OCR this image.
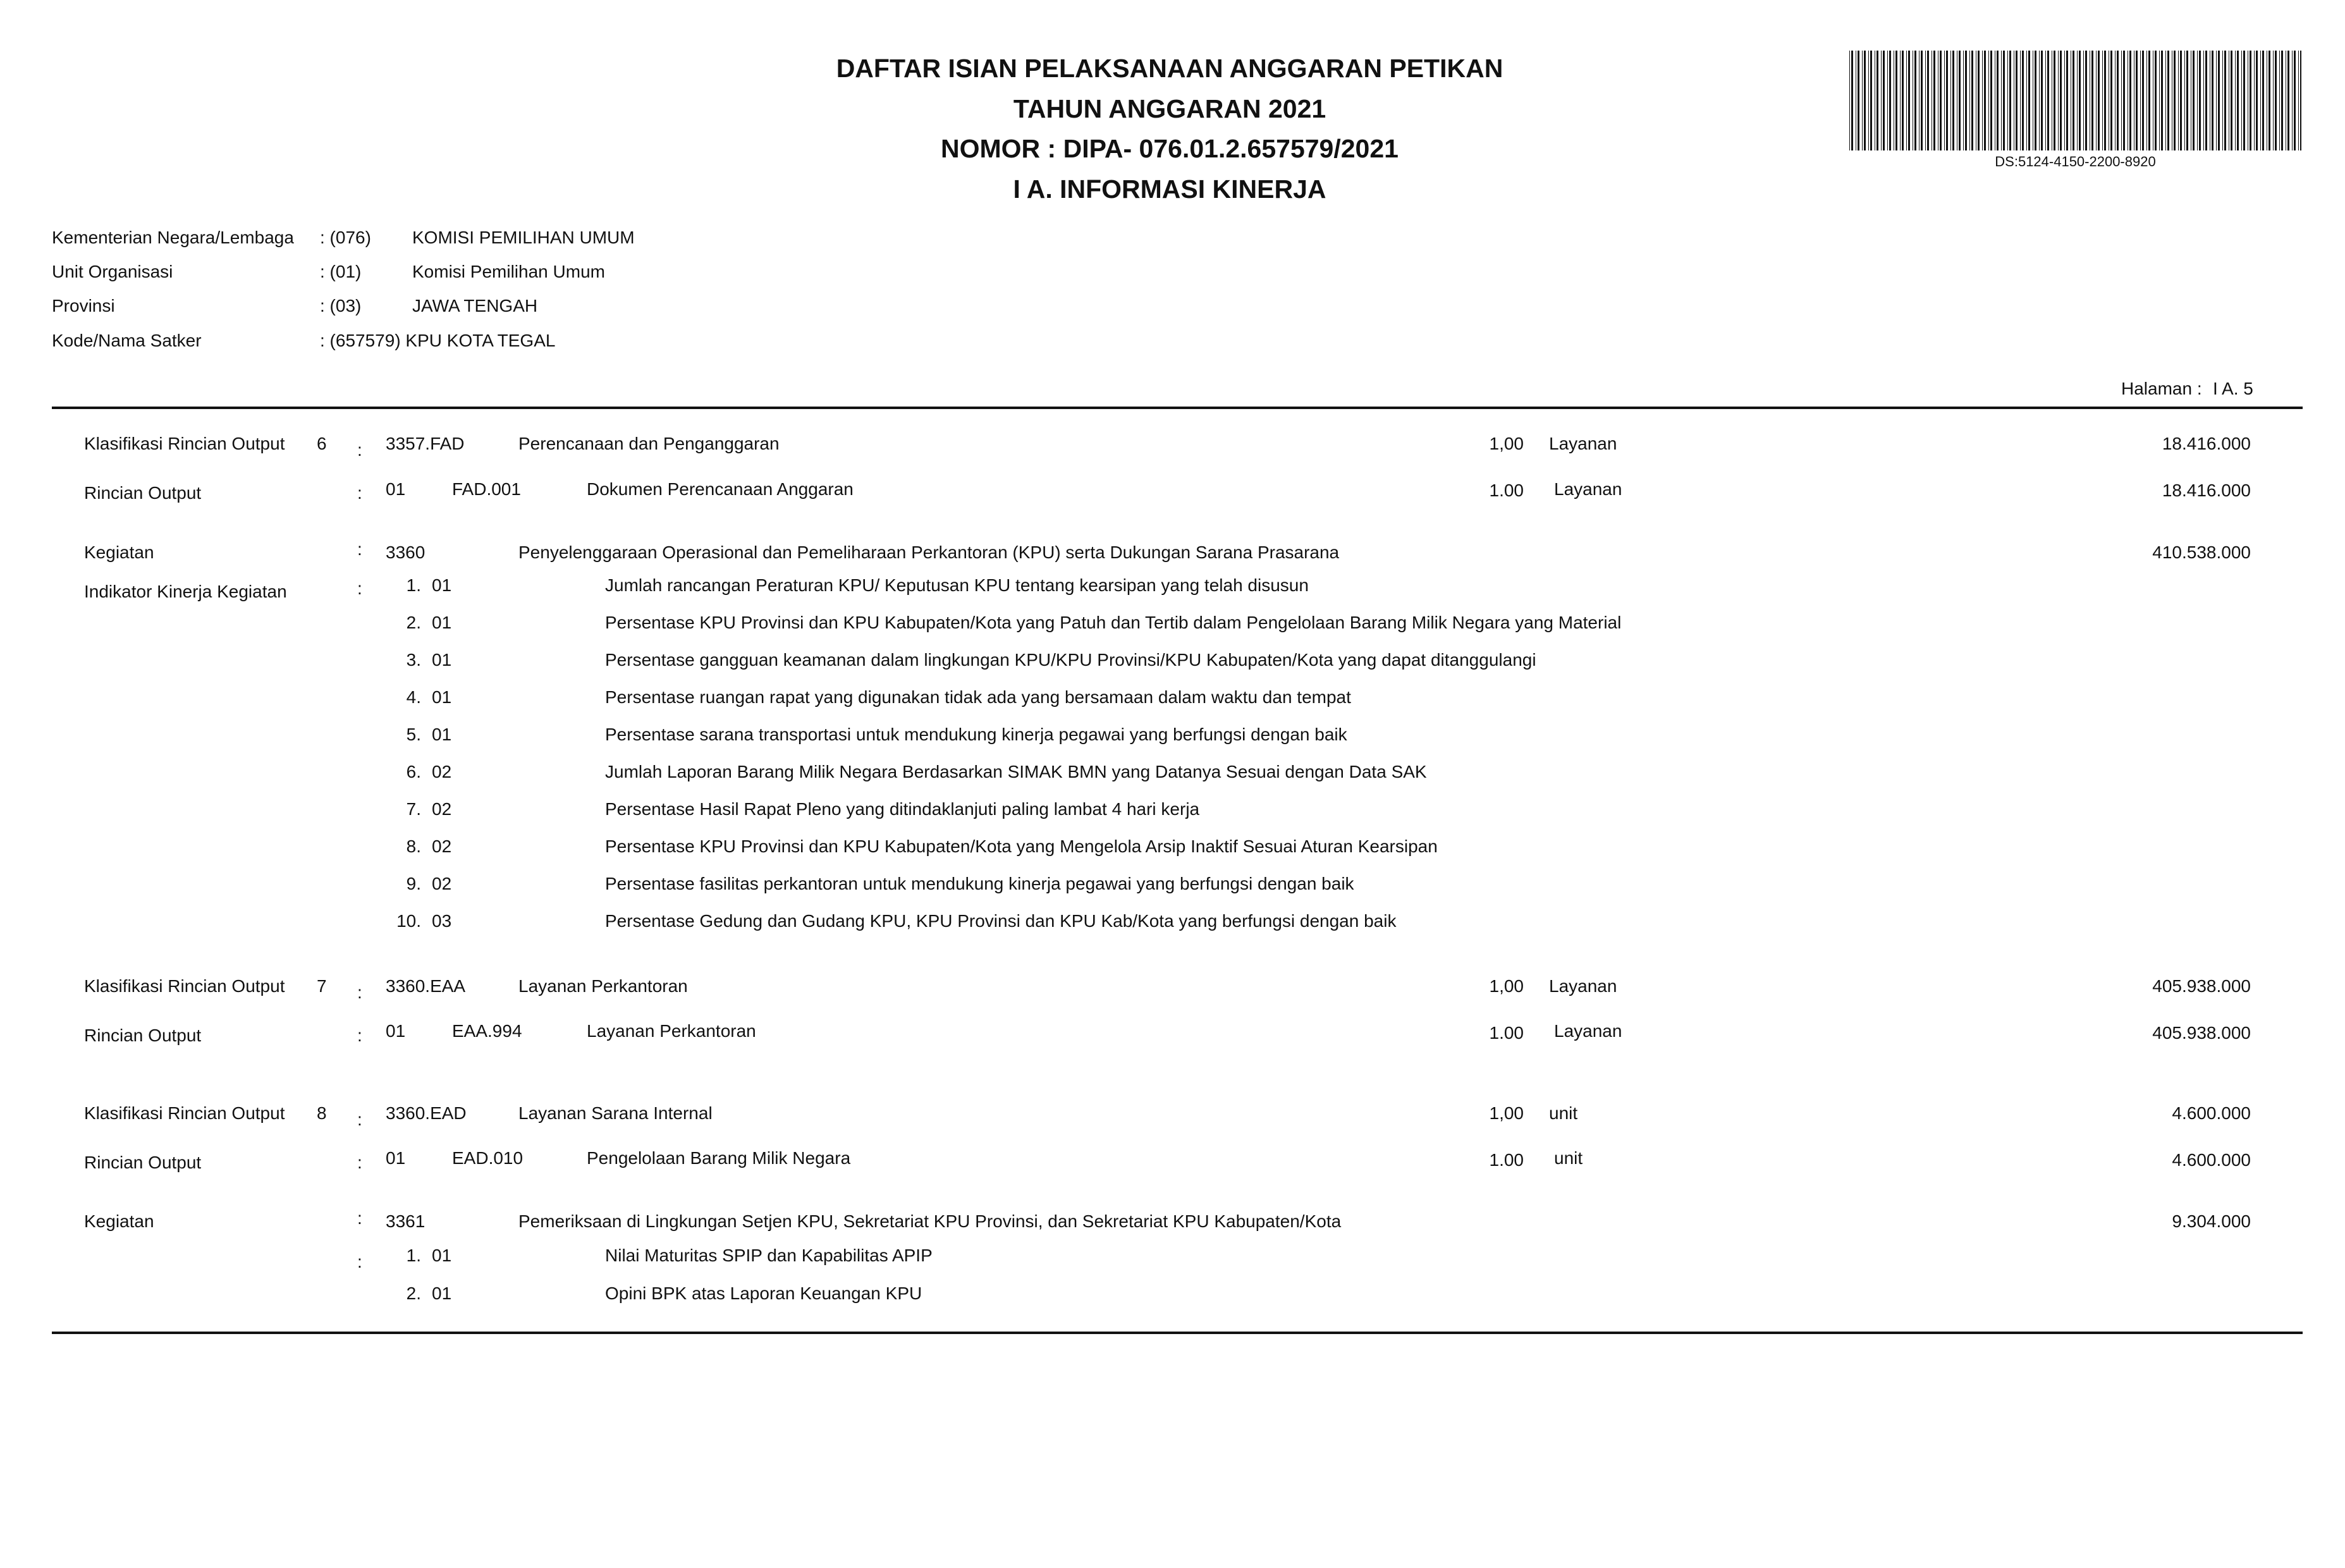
DAFTAR ISIAN PELAKSANAAN ANGGARAN PETIKAN
TAHUN ANGGARAN 2021
NOMOR : DIPA- 076.01.2.657579/2021
I A. INFORMASI KINERJA
DS:5124-4150-2200-8920
Kementerian Negara/Lembaga : (076) KOMISI PEMILIHAN UMUM
Unit Organisasi	: (01)	Komisi Pemilihan Umum
Provinsi	: (03)	JAWA TENGAH
Kode/Nama Satker	: (657579) KPU KOTA TEGAL
Halaman : I A. 5
Klasifikasi Rincian Output 6 : 3357.FAD	Perencanaan dan Penganggaran	1,00 Layanan	18.416.000
Rincian Output	: 01	FAD.001	Dokumen Perencanaan Anggaran	1.00 Layanan	18.416.000
Kegiatan	: 3360	Penyelenggaraan Operasional dan Pemeliharaan Perkantoran (KPU) serta Dukungan Sarana Prasarana	410.538.000
Indikator Kinerja Kegiatan	:	1. 01	Jumlah rancangan Peraturan KPU/ Keputusan KPU tentang kearsipan yang telah disusun
2. 01	Persentase KPU Provinsi dan KPU Kabupaten/Kota yang Patuh dan Tertib dalam Pengelolaan Barang Milik Negara yang Material
3. 01	Persentase gangguan keamanan dalam lingkungan KPU/KPU Provinsi/KPU Kabupaten/Kota yang dapat ditanggulangi
4. 01	Persentase ruangan rapat yang digunakan tidak ada yang bersamaan dalam waktu dan tempat
5. 01	Persentase sarana transportasi untuk mendukung kinerja pegawai yang berfungsi dengan baik
6. 02	Jumlah Laporan Barang Milik Negara Berdasarkan SIMAK BMN yang Datanya Sesuai dengan Data SAK
7. 02	Persentase Hasil Rapat Pleno yang ditindaklanjuti paling lambat 4 hari kerja
8. 02	Persentase KPU Provinsi dan KPU Kabupaten/Kota yang Mengelola Arsip Inaktif Sesuai Aturan Kearsipan
9. 02	Persentase fasilitas perkantoran untuk mendukung kinerja pegawai yang berfungsi dengan baik
10. 03	Persentase Gedung dan Gudang KPU, KPU Provinsi dan KPU Kab/Kota yang berfungsi dengan baik
Klasifikasi Rincian Output 7 : 3360.EAA	Layanan Perkantoran	1,00 Layanan	405.938.000
Rincian Output	: 01	EAA.994	Layanan Perkantoran	1.00 Layanan	405.938.000
Klasifikasi Rincian Output 8 : 3360.EAD	Layanan Sarana Internal	1,00 unit	4.600.000
Rincian Output	: 01	EAD.010	Pengelolaan Barang Milik Negara	1.00 unit	4.600.000
Kegiatan	: 3361	Pemeriksaan di Lingkungan Setjen KPU, Sekretariat KPU Provinsi, dan Sekretariat KPU Kabupaten/Kota	9.304.000
:	1. 01	Nilai Maturitas SPIP dan Kapabilitas APIP
2. 01	Opini BPK atas Laporan Keuangan KPU
